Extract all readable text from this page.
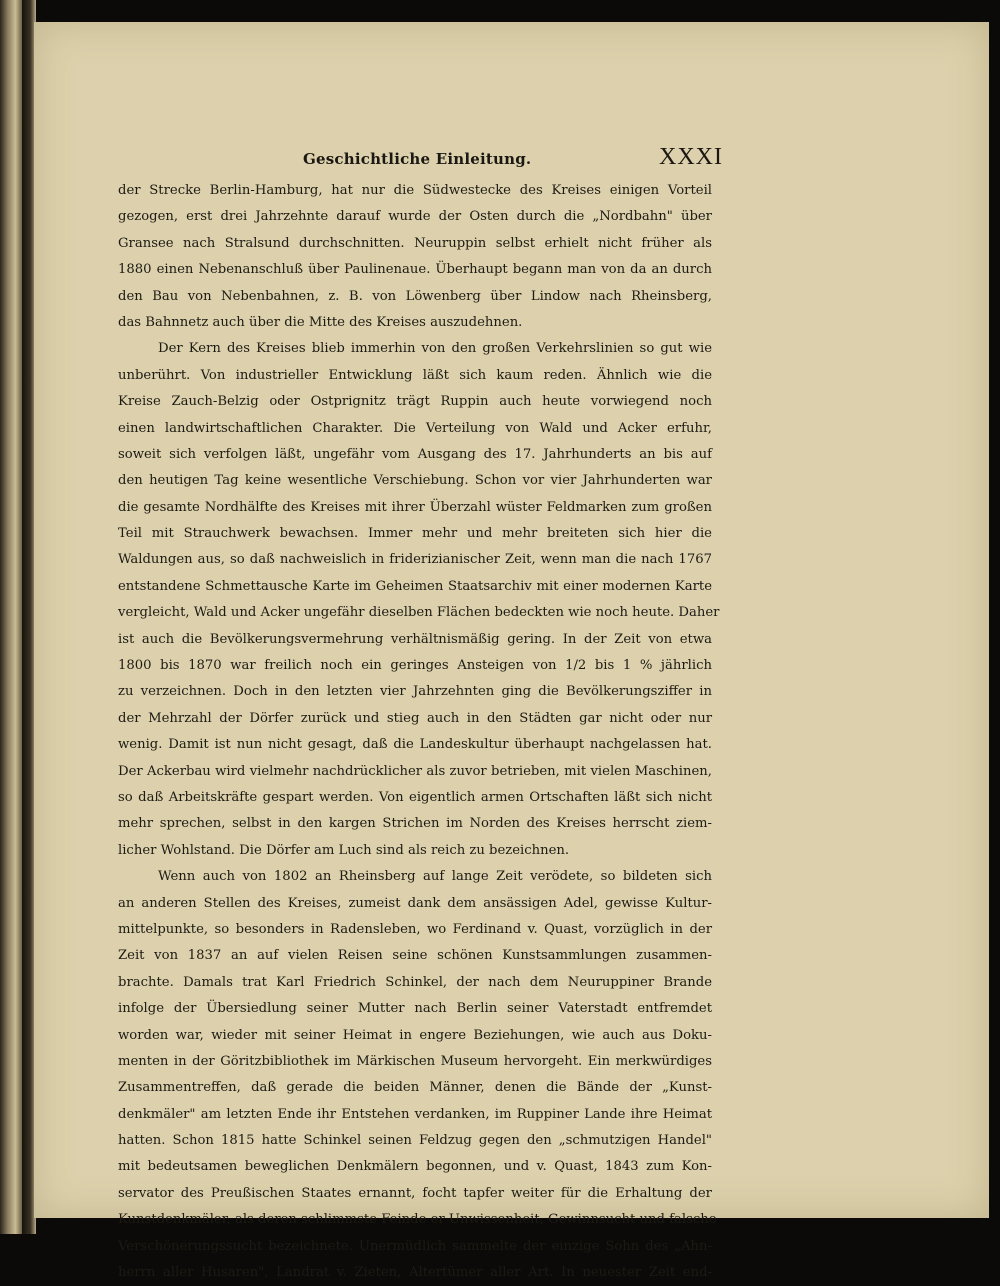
Geschichtliche Einleitung.	XXXI
der Strecke Berlin-Hamburg, hat nur die Südwestecke des Kreises einigen Vorteil
gezogen, erst drei Jahrzehnte darauf wurde der Osten durch die „Nordbahn" über
Gransee nach Stralsund durchschnitten. Neuruppin selbst erhielt nicht früher als
1880 einen Nebenanschluß über Paulinenaue. Überhaupt begann man von da an durch
den Bau von Nebenbahnen, z. B. von Löwenberg über Lindow nach Rheinsberg,
das Bahnnetz auch über die Mitte des Kreises auszudehnen.
Der Kern des Kreises blieb immerhin von den großen Verkehrslinien so gut wie
unberührt. Von industrieller Entwicklung läßt sich kaum reden. Ähnlich wie die
Kreise Zauch-Belzig oder Ostprignitz trägt Ruppin auch heute vorwiegend noch
einen landwirtschaftlichen Charakter. Die Verteilung von Wald und Acker erfuhr,
soweit sich verfolgen läßt, ungefähr vom Ausgang des 17. Jahrhunderts an bis auf
den heutigen Tag keine wesentliche Verschiebung. Schon vor vier Jahrhunderten war
die gesamte Nordhälfte des Kreises mit ihrer Überzahl wüster Feldmarken zum großen
Teil mit Strauchwerk bewachsen. Immer mehr und mehr breiteten sich hier die
Waldungen aus, so daß nachweislich in friderizianischer Zeit, wenn man die nach 1767
entstandene Schmettausche Karte im Geheimen Staatsarchiv mit einer modernen Karte
vergleicht, Wald und Acker ungefähr dieselben Flächen bedeckten wie noch heute. Daher
ist auch die Bevölkerungsvermehrung verhältnismäßig gering. In der Zeit von etwa
1800 bis 1870 war freilich noch ein geringes Ansteigen von 1/2 bis 1 % jährlich
zu verzeichnen. Doch in den letzten vier Jahrzehnten ging die Bevölkerungsziffer in
der Mehrzahl der Dörfer zurück und stieg auch in den Städten gar nicht oder nur
wenig. Damit ist nun nicht gesagt, daß die Landeskultur überhaupt nachgelassen hat.
Der Ackerbau wird vielmehr nachdrücklicher als zuvor betrieben, mit vielen Maschinen,
so daß Arbeitskräfte gespart werden. Von eigentlich armen Ortschaften läßt sich nicht
mehr sprechen, selbst in den kargen Strichen im Norden des Kreises herrscht ziem-
licher Wohlstand. Die Dörfer am Luch sind als reich zu bezeichnen.
Wenn auch von 1802 an Rheinsberg auf lange Zeit verödete, so bildeten sich
an anderen Stellen des Kreises, zumeist dank dem ansässigen Adel, gewisse Kultur-
mittelpunkte, so besonders in Radensleben, wo Ferdinand v. Quast, vorzüglich in der
Zeit von 1837 an auf vielen Reisen seine schönen Kunstsammlungen zusammen-
brachte. Damals trat Karl Friedrich Schinkel, der nach dem Neuruppiner Brande
infolge der Übersiedlung seiner Mutter nach Berlin seiner Vaterstadt entfremdet
worden war, wieder mit seiner Heimat in engere Beziehungen, wie auch aus Doku-
menten in der Göritzbibliothek im Märkischen Museum hervorgeht. Ein merkwürdiges
Zusammentreffen, daß gerade die beiden Männer, denen die Bände der „Kunst-
denkmäler" am letzten Ende ihr Entstehen verdanken, im Ruppiner Lande ihre Heimat
hatten. Schon 1815 hatte Schinkel seinen Feldzug gegen den „schmutzigen Handel"
mit bedeutsamen beweglichen Denkmälern begonnen, und v. Quast, 1843 zum Kon-
servator des Preußischen Staates ernannt, focht tapfer weiter für die Erhaltung der
Kunstdenkmäler, als deren schlimmste Feinde er Unwissenheit, Gewinnsucht und falsche
Verschönerungssucht bezeichnete. Unermüdlich sammelte der einzige Sohn des „Ahn-
herrn aller Husaren", Landrat v. Zieten, Altertümer aller Art. In neuester Zeit end-
